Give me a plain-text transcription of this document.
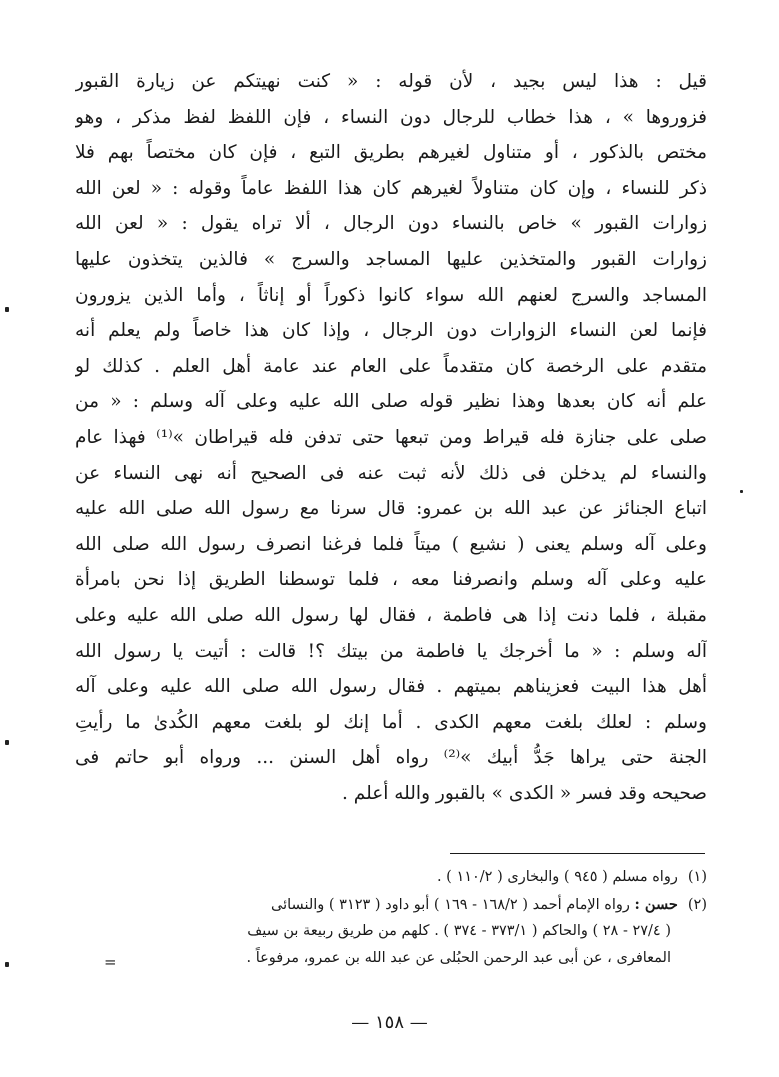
قيل : هذا ليس بجيد ، لأن قوله : « كنت نهيتكم عن زيارة القبور
فزوروها » ، هذا خطاب للرجال دون النساء ، فإن اللفظ لفظ مذكر ، وهو
مختص بالذكور ، أو متناول لغيرهم بطريق التبع ، فإن كان مختصاً بهم فلا
ذكر للنساء ، وإن كان متناولاً لغيرهم كان هذا اللفظ عاماً وقوله : « لعن الله
زوارات القبور » خاص بالنساء دون الرجال ، ألا تراه يقول : « لعن الله
زوارات القبور والمتخذين عليها المساجد والسرج » فالذين يتخذون عليها
المساجد والسرج لعنهم الله سواء كانوا ذكوراً أو إناثاً ، وأما الذين يزورون
فإنما لعن النساء الزوارات دون الرجال ، وإذا كان هذا خاصاً ولم يعلم أنه
متقدم على الرخصة كان متقدماً على العام عند عامة أهل العلم . كذلك لو
علم أنه كان بعدها وهذا نظير قوله صلى الله عليه وعلى آله وسلم : « من
صلى على جنازة فله قيراط ومن تبعها حتى تدفن فله قيراطان »⁽¹⁾ فهذا عام
والنساء لم يدخلن فى ذلك لأنه ثبت عنه فى الصحيح أنه نهى النساء عن
اتباع الجنائز عن عبد الله بن عمرو: قال سرنا مع رسول الله صلى الله عليه
وعلى آله وسلم يعنى ( نشيع ) ميتاً فلما فرغنا انصرف رسول الله صلى الله
عليه وعلى آله وسلم وانصرفنا معه ، فلما توسطنا الطريق إذا نحن بامرأة
مقبلة ، فلما دنت إذا هى فاطمة ، فقال لها رسول الله صلى الله عليه وعلى
آله وسلم : « ما أخرجك يا فاطمة من بيتك ؟! قالت : أتيت يا رسول الله
أهل هذا البيت فعزيناهم بميتهم . فقال رسول الله صلى الله عليه وعلى آله
وسلم : لعلك بلغت معهم الكدى . أما إنك لو بلغت معهم الكُدىٰ ما رأيتِ
الجنة حتى يراها جَدُّ أبيك »⁽²⁾ رواه أهل السنن ... ورواه أبو حاتم فى
صحيحه وقد فسر « الكدى » بالقبور والله أعلم .
(١)رواه مسلم ( ٩٤٥ ) والبخارى ( ١١٠/٢ ) .
(٢)حسن : رواه الإمام أحمد ( ١٦٨/٢ - ١٦٩ ) أبو داود ( ٣١٢٣ ) والنسائى
( ٢٧/٤ - ٢٨ ) والحاكم ( ٣٧٣/١ - ٣٧٤ ) . كلهم من طريق ربيعة بن سيف
المعافرى ، عن أبى عبد الرحمن الحبُلى عن عبد الله بن عمرو، مرفوعاً .
=
— ١٥٨ —
